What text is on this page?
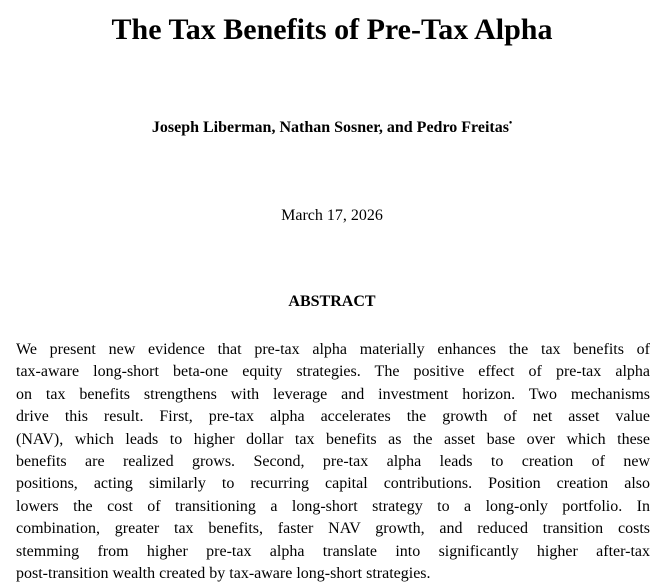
The Tax Benefits of Pre-Tax Alpha
Joseph Liberman, Nathan Sosner, and Pedro Freitas•
March 17, 2026
ABSTRACT
We present new evidence that pre-tax alpha materially enhances the tax benefits of
tax-aware long-short beta-one equity strategies. The positive effect of pre-tax alpha
on tax benefits strengthens with leverage and investment horizon. Two mechanisms
drive this result. First, pre-tax alpha accelerates the growth of net asset value
(NAV), which leads to higher dollar tax benefits as the asset base over which these
benefits are realized grows. Second, pre-tax alpha leads to creation of new
positions, acting similarly to recurring capital contributions. Position creation also
lowers the cost of transitioning a long-short strategy to a long-only portfolio. In
combination, greater tax benefits, faster NAV growth, and reduced transition costs
stemming from higher pre-tax alpha translate into significantly higher after-tax
post-transition wealth created by tax-aware long-short strategies.
